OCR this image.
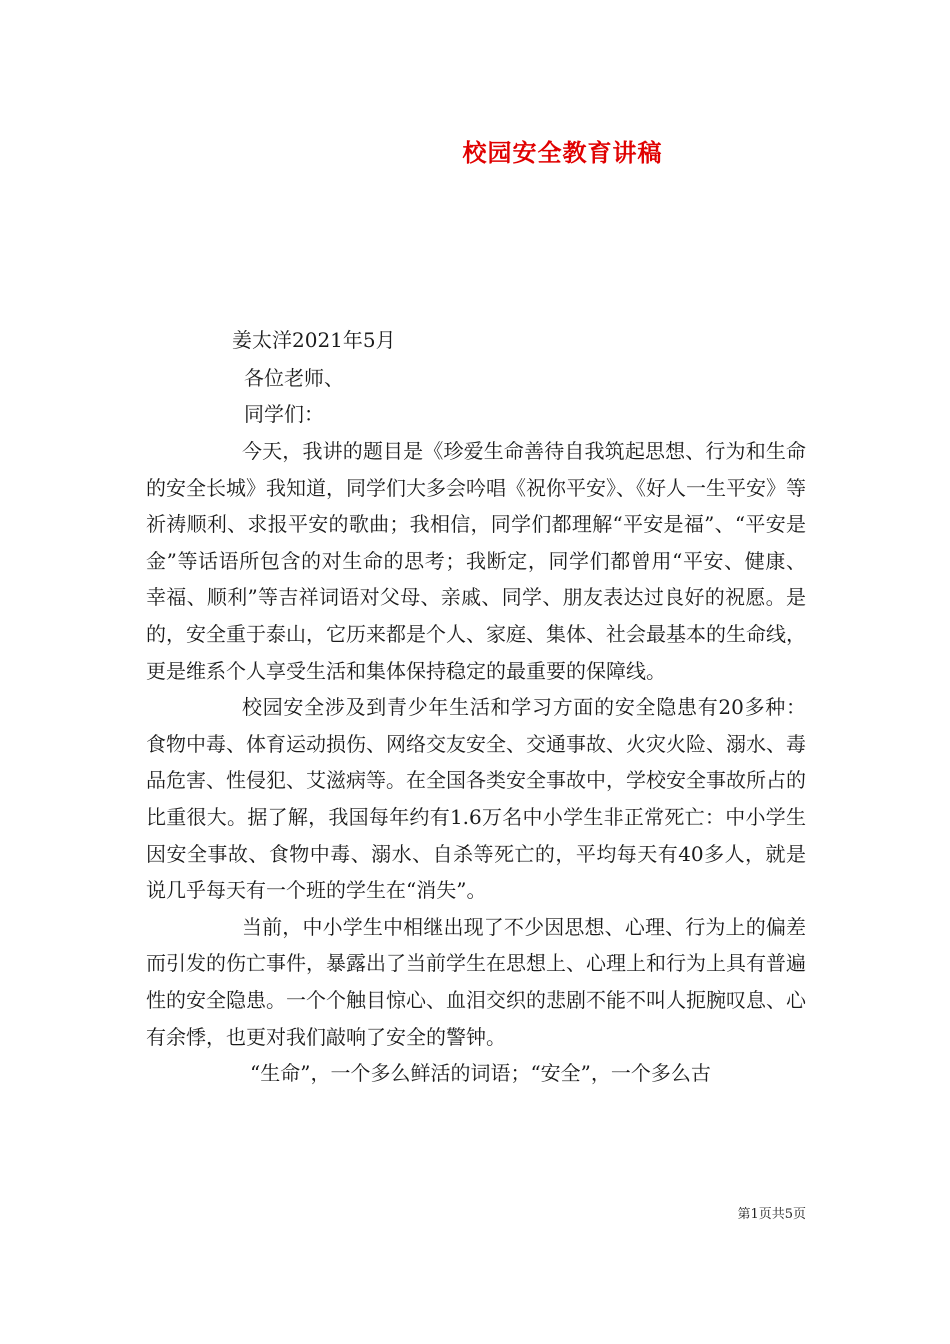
校园安全教育讲稿
姜太洋2021年5月
各位老师、
同学们：

今天，我讲的题目是《珍爱生命善待自我筑起思想、行为和生命的安全长城》我知道，同学们大多会吟唱《祝你平安》、《好人一生平安》等祈祷顺利、求报平安的歌曲；我相信，同学们都理解“平安是福”、“平安是金”等话语所包含的对生命的思考；我断定，同学们都曾用“平安、健康、幸福、顺利”等吉祥词语对父母、亲戚、同学、朋友表达过良好的祝愿。是的，安全重于泰山，它历来都是个人、家庭、集体、社会最基本的生命线，更是维系个人享受生活和集体保持稳定的最重要的保障线。

校园安全涉及到青少年生活和学习方面的安全隐患有20多种：食物中毒、体育运动损伤、网络交友安全、交通事故、火灾火险、溺水、毒品危害、性侵犯、艾滋病等。在全国各类安全事故中，学校安全事故所占的比重很大。据了解，我国每年约有1.6万名中小学生非正常死亡：中小学生因安全事故、食物中毒、溺水、自杀等死亡的，平均每天有40多人，就是说几乎每天有一个班的学生在“消失”。

当前，中小学生中相继出现了不少因思想、心理、行为上的偏差而引发的伤亡事件，暴露出了当前学生在思想上、心理上和行为上具有普遍性的安全隐患。一个个触目惊心、血泪交织的悲剧不能不叫人扼腕叹息、心有余悸，也更对我们敲响了安全的警钟。

“生命”，一个多么鲜活的词语；“安全”，一个多么古

第1页共5页
